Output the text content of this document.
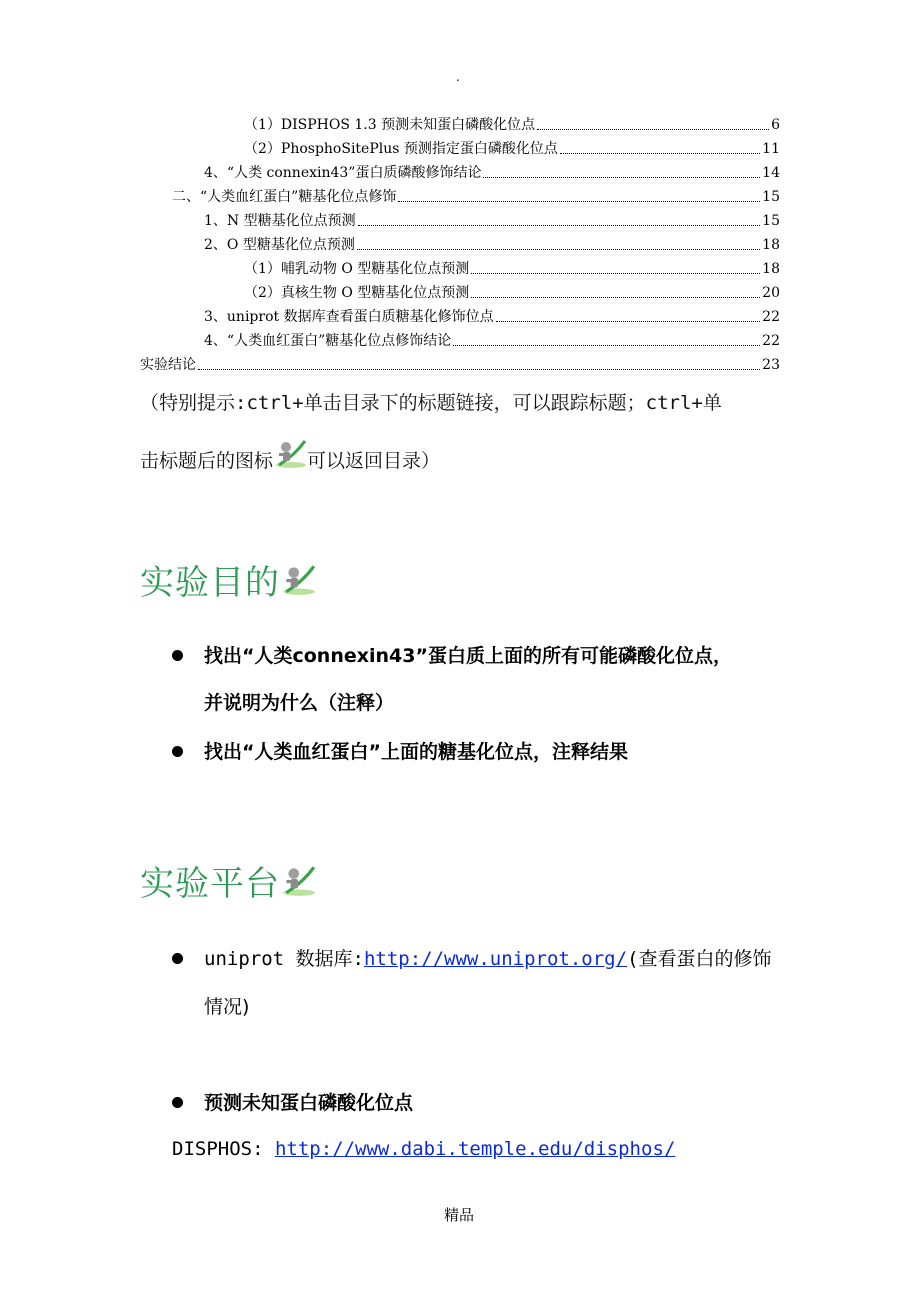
.
（1）DISPHOS 1.3 预测未知蛋白磷酸化位点	6
（2）PhosphoSitePlus 预测指定蛋白磷酸化位点	11
4、“人类 connexin43”蛋白质磷酸修饰结论	14
二、“人类血红蛋白”糖基化位点修饰	15
1、N 型糖基化位点预测	15
2、O 型糖基化位点预测	18
（1）哺乳动物 O 型糖基化位点预测	18
（2）真核生物 O 型糖基化位点预测	20
3、uniprot 数据库查看蛋白质糖基化修饰位点	22
4、“人类血红蛋白”糖基化位点修饰结论	22
实验结论	23
（特别提示:ctrl+单击目录下的标题链接，可以跟踪标题；ctrl+单
击标题后的图标 可以返回目录）
实验目的
找出“人类connexin43”蛋白质上面的所有可能磷酸化位点，
并说明为什么（注释）
找出“人类血红蛋白”上面的糖基化位点，注释结果
实验平台
uniprot 数据库:http://www.uniprot.org/(查看蛋白的修饰
情况)
预测未知蛋白磷酸化位点
DISPHOS: http://www.dabi.temple.edu/disphos/
精品
